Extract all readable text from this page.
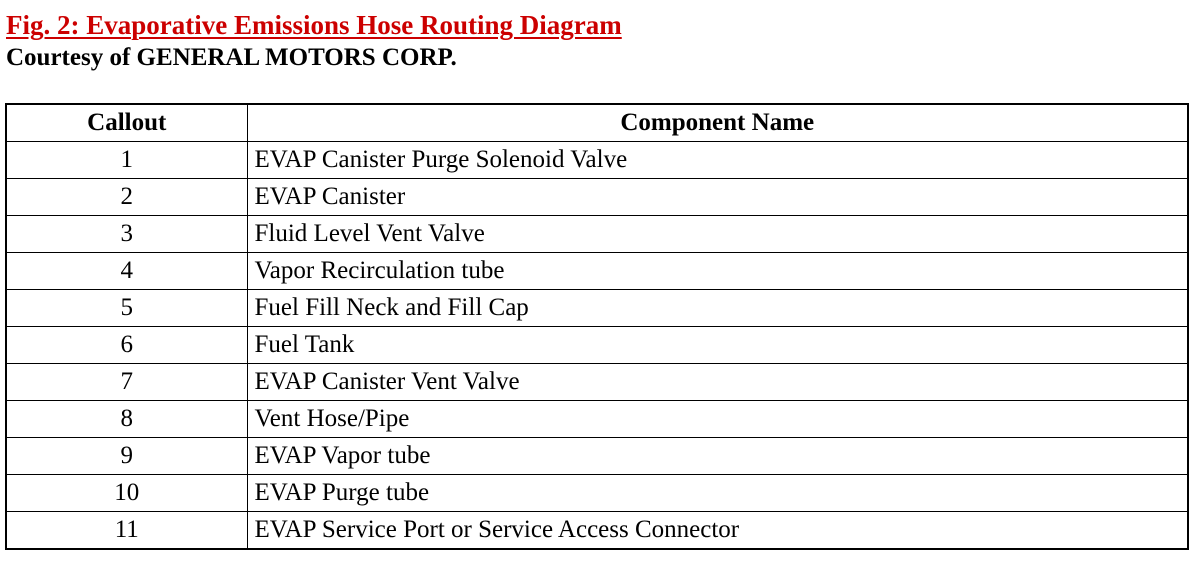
Fig. 2: Evaporative Emissions Hose Routing Diagram
Courtesy of GENERAL MOTORS CORP.
Callout	Component Name
1	EVAP Canister Purge Solenoid Valve
2	EVAP Canister
3	Fluid Level Vent Valve
4	Vapor Recirculation tube
5	Fuel Fill Neck and Fill Cap
6	Fuel Tank
7	EVAP Canister Vent Valve
8	Vent Hose/Pipe
9	EVAP Vapor tube
10	EVAP Purge tube
11	EVAP Service Port or Service Access Connector
